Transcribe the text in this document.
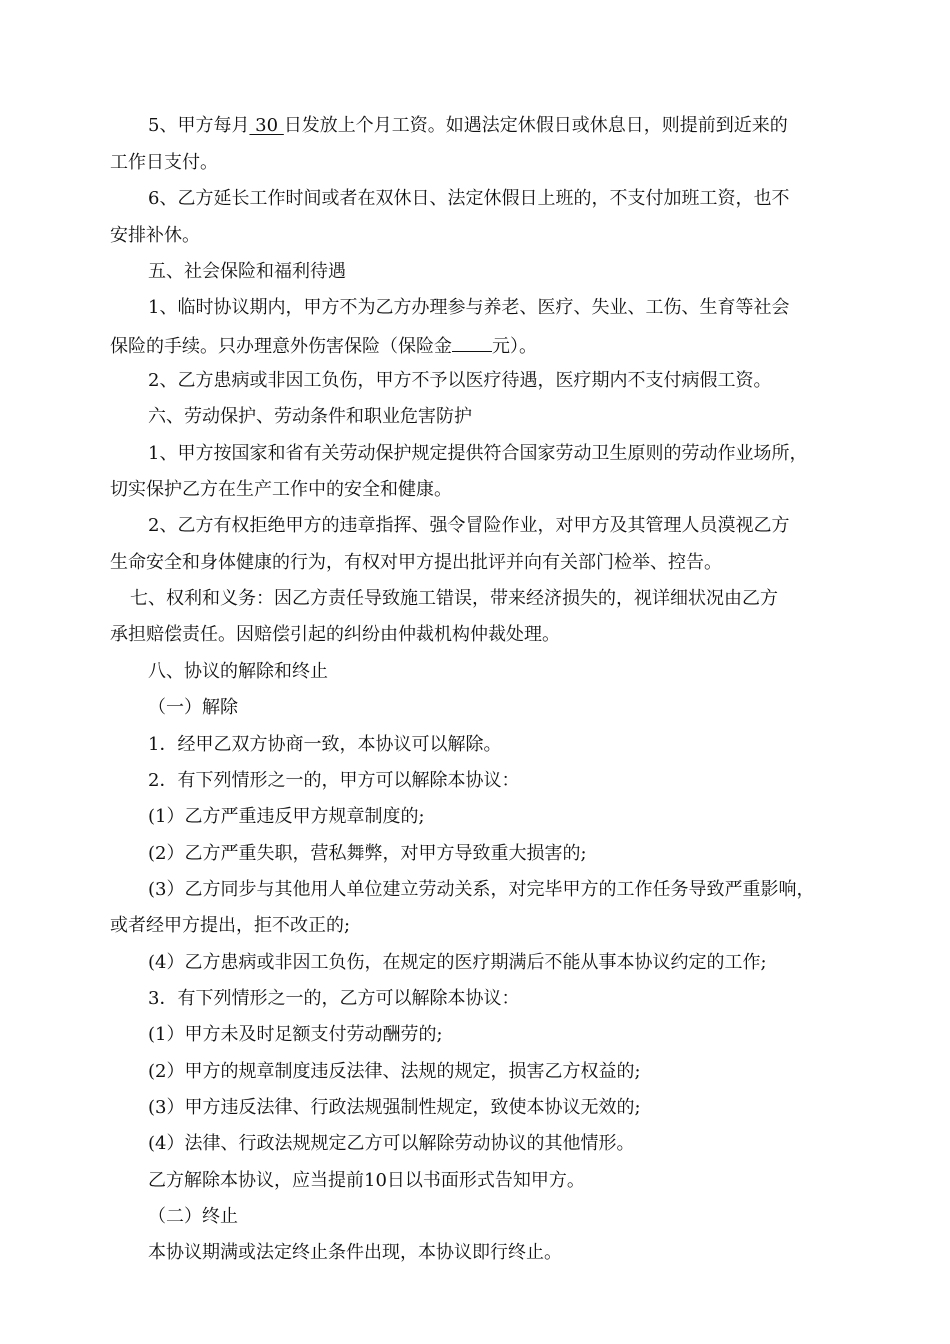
5、甲方每月 30 日发放上个月工资。如遇法定休假日或休息日，则提前到近来的
工作日支付。
6、乙方延长工作时间或者在双休日、法定休假日上班的，不支付加班工资，也不
安排补休。
五、社会保险和福利待遇
1、临时协议期内，甲方不为乙方办理参与养老、医疗、失业、工伤、生育等社会
保险的手续。只办理意外伤害保险（保险金 元）。
2、乙方患病或非因工负伤，甲方不予以医疗待遇，医疗期内不支付病假工资。
六、劳动保护、劳动条件和职业危害防护
1、甲方按国家和省有关劳动保护规定提供符合国家劳动卫生原则的劳动作业场所，
切实保护乙方在生产工作中的安全和健康。
2、乙方有权拒绝甲方的违章指挥、强令冒险作业，对甲方及其管理人员漠视乙方
生命安全和身体健康的行为，有权对甲方提出批评并向有关部门检举、控告。
七、权利和义务：因乙方责任导致施工错误，带来经济损失的，视详细状况由乙方
承担赔偿责任。因赔偿引起的纠纷由仲裁机构仲裁处理。
八、协议的解除和终止
（一）解除
1．经甲乙双方协商一致，本协议可以解除。
2．有下列情形之一的，甲方可以解除本协议：
(1）乙方严重违反甲方规章制度的;
(2）乙方严重失职，营私舞弊，对甲方导致重大损害的;
(3）乙方同步与其他用人单位建立劳动关系，对完毕甲方的工作任务导致严重影响，
或者经甲方提出，拒不改正的;
(4）乙方患病或非因工负伤，在规定的医疗期满后不能从事本协议约定的工作;
3．有下列情形之一的，乙方可以解除本协议：
(1）甲方未及时足额支付劳动酬劳的;
(2）甲方的规章制度违反法律、法规的规定，损害乙方权益的;
(3）甲方违反法律、行政法规强制性规定，致使本协议无效的;
(4）法律、行政法规规定乙方可以解除劳动协议的其他情形。
乙方解除本协议，应当提前10日以书面形式告知甲方。
（二）终止
本协议期满或法定终止条件出现，本协议即行终止。
